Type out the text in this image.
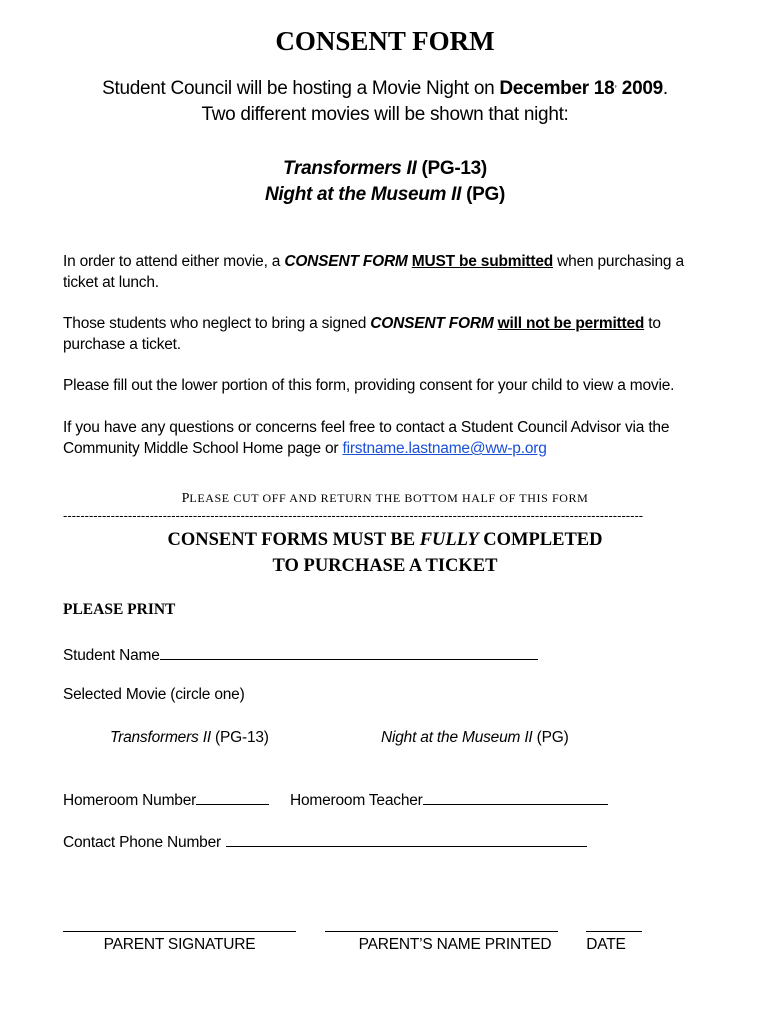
CONSENT FORM
Student Council will be hosting a Movie Night on December 18, 2009.
Two different movies will be shown that night:
Transformers II (PG-13)
Night at the Museum II (PG)
In order to attend either movie, a CONSENT FORM MUST be submitted when purchasing a ticket at lunch.
Those students who neglect to bring a signed CONSENT FORM will not be permitted to purchase a ticket.
Please fill out the lower portion of this form, providing consent for your child to view a movie.
If you have any questions or concerns feel free to contact a Student Council Advisor via the Community Middle School Home page or firstname.lastname@ww-p.org
PLEASE CUT OFF AND RETURN THE BOTTOM HALF OF THIS FORM
--------------------------------------------------------------------------------------------------------------------------------------
CONSENT FORMS MUST BE FULLY COMPLETED
TO PURCHASE A TICKET
PLEASE PRINT
Student Name
Selected Movie (circle one)
Transformers II (PG-13)	Night at the Museum II (PG)
Homeroom Number	Homeroom Teacher
Contact Phone Number
PARENT SIGNATURE	PARENT’S NAME PRINTED	DATE
